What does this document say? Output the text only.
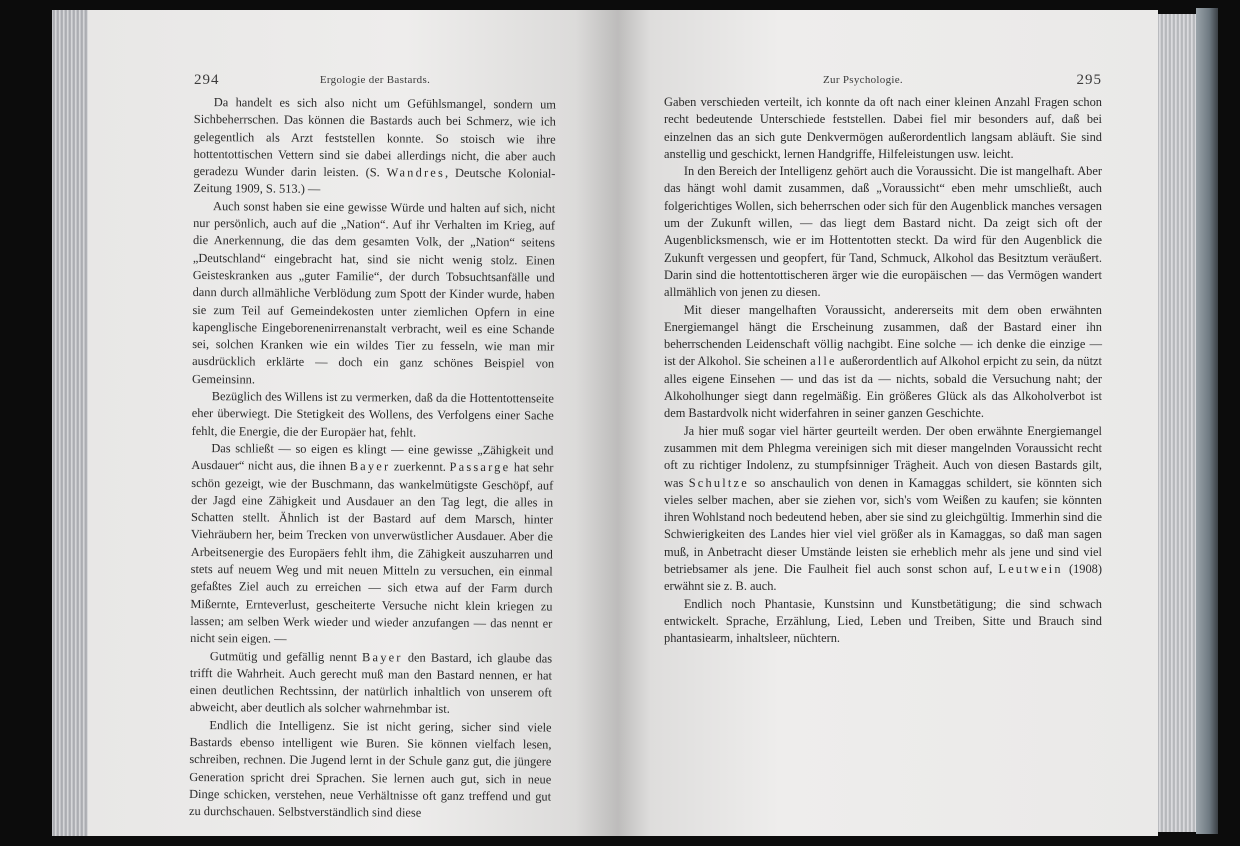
294	Ergologie der Bastards.

Da handelt es sich also nicht um Gefühlsmangel, sondern um Sichbeherrschen. Das können die Bastards auch bei Schmerz, wie ich gelegentlich als Arzt feststellen konnte. So stoisch wie ihre hottentottischen Vettern sind sie dabei allerdings nicht, die aber auch geradezu Wunder darin leisten. (S. Wandres, Deutsche Kolonial-Zeitung 1909, S. 513.) —

Auch sonst haben sie eine gewisse Würde und halten auf sich, nicht nur persönlich, auch auf die „Nation“. Auf ihr Verhalten im Krieg, auf die Anerkennung, die das dem gesamten Volk, der „Nation“ seitens „Deutschland“ eingebracht hat, sind sie nicht wenig stolz. Einen Geisteskranken aus „guter Familie“, der durch Tobsuchtsanfälle und dann durch allmähliche Verblödung zum Spott der Kinder wurde, haben sie zum Teil auf Gemeindekosten unter ziemlichen Opfern in eine kapenglische Eingeborenenirrenanstalt verbracht, weil es eine Schande sei, solchen Kranken wie ein wildes Tier zu fesseln, wie man mir ausdrücklich erklärte — doch ein ganz schönes Beispiel von Gemeinsinn.

Bezüglich des Willens ist zu vermerken, daß da die Hottentottenseite eher überwiegt. Die Stetigkeit des Wollens, des Verfolgens einer Sache fehlt, die Energie, die der Europäer hat, fehlt.

Das schließt — so eigen es klingt — eine gewisse „Zähigkeit und Ausdauer“ nicht aus, die ihnen Bayer zuerkennt. Passarge hat sehr schön gezeigt, wie der Buschmann, das wankelmütigste Geschöpf, auf der Jagd eine Zähigkeit und Ausdauer an den Tag legt, die alles in Schatten stellt. Ähnlich ist der Bastard auf dem Marsch, hinter Viehräubern her, beim Trecken von unverwüstlicher Ausdauer. Aber die Arbeitsenergie des Europäers fehlt ihm, die Zähigkeit auszuharren und stets auf neuem Weg und mit neuen Mitteln zu versuchen, ein einmal gefaßtes Ziel auch zu erreichen — sich etwa auf der Farm durch Mißernte, Ernteverlust, gescheiterte Versuche nicht klein kriegen zu lassen; am selben Werk wieder und wieder anzufangen — das nennt er nicht sein eigen. —

Gutmütig und gefällig nennt Bayer den Bastard, ich glaube das trifft die Wahrheit. Auch gerecht muß man den Bastard nennen, er hat einen deutlichen Rechtssinn, der natürlich inhaltlich von unserem oft abweicht, aber deutlich als solcher wahrnehmbar ist.

Endlich die Intelligenz. Sie ist nicht gering, sicher sind viele Bastards ebenso intelligent wie Buren. Sie können vielfach lesen, schreiben, rechnen. Die Jugend lernt in der Schule ganz gut, die jüngere Generation spricht drei Sprachen. Sie lernen auch gut, sich in neue Dinge schicken, verstehen, neue Verhältnisse oft ganz treffend und gut zu durchschauen. Selbstverständlich sind diese

Zur Psychologie.	295

Gaben verschieden verteilt, ich konnte da oft nach einer kleinen Anzahl Fragen schon recht bedeutende Unterschiede feststellen. Dabei fiel mir besonders auf, daß bei einzelnen das an sich gute Denkvermögen außerordentlich langsam abläuft. Sie sind anstellig und geschickt, lernen Handgriffe, Hilfeleistungen usw. leicht.

In den Bereich der Intelligenz gehört auch die Voraussicht. Die ist mangelhaft. Aber das hängt wohl damit zusammen, daß „Voraussicht“ eben mehr umschließt, auch folgerichtiges Wollen, sich beherrschen oder sich für den Augenblick manches versagen um der Zukunft willen, — das liegt dem Bastard nicht. Da zeigt sich oft der Augenblicksmensch, wie er im Hottentotten steckt. Da wird für den Augenblick die Zukunft vergessen und geopfert, für Tand, Schmuck, Alkohol das Besitztum veräußert. Darin sind die hottentottischeren ärger wie die europäischen — das Vermögen wandert allmählich von jenen zu diesen.

Mit dieser mangelhaften Voraussicht, andererseits mit dem oben erwähnten Energiemangel hängt die Erscheinung zusammen, daß der Bastard einer ihn beherrschenden Leidenschaft völlig nachgibt. Eine solche — ich denke die einzige — ist der Alkohol. Sie scheinen alle außerordentlich auf Alkohol erpicht zu sein, da nützt alles eigene Einsehen — und das ist da — nichts, sobald die Versuchung naht; der Alkoholhunger siegt dann regelmäßig. Ein größeres Glück als das Alkoholverbot ist dem Bastardvolk nicht widerfahren in seiner ganzen Geschichte.

Ja hier muß sogar viel härter geurteilt werden. Der oben erwähnte Energiemangel zusammen mit dem Phlegma vereinigen sich mit dieser mangelnden Voraussicht recht oft zu richtiger Indolenz, zu stumpfsinniger Trägheit. Auch von diesen Bastards gilt, was Schultze so anschaulich von denen in Kamaggas schildert, sie könnten sich vieles selber machen, aber sie ziehen vor, sich's vom Weißen zu kaufen; sie könnten ihren Wohlstand noch bedeutend heben, aber sie sind zu gleichgültig. Immerhin sind die Schwierigkeiten des Landes hier viel viel größer als in Kamaggas, so daß man sagen muß, in Anbetracht dieser Umstände leisten sie erheblich mehr als jene und sind viel betriebsamer als jene. Die Faulheit fiel auch sonst schon auf, Leutwein (1908) erwähnt sie z. B. auch.

Endlich noch Phantasie, Kunstsinn und Kunstbetätigung; die sind schwach entwickelt. Sprache, Erzählung, Lied, Leben und Treiben, Sitte und Brauch sind phantasiearm, inhaltsleer, nüchtern.
